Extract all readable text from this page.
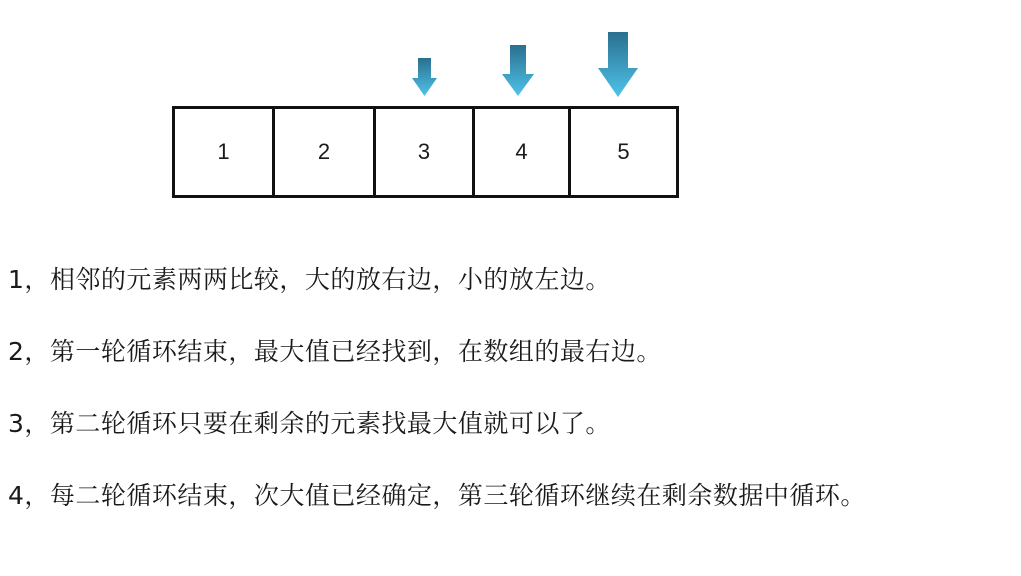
1	2	3	4	5
1，相邻的元素两两比较，大的放右边，小的放左边。
2，第一轮循环结束，最大值已经找到，在数组的最右边。
3，第二轮循环只要在剩余的元素找最大值就可以了。
4，每二轮循环结束，次大值已经确定，第三轮循环继续在剩余数据中循环。
